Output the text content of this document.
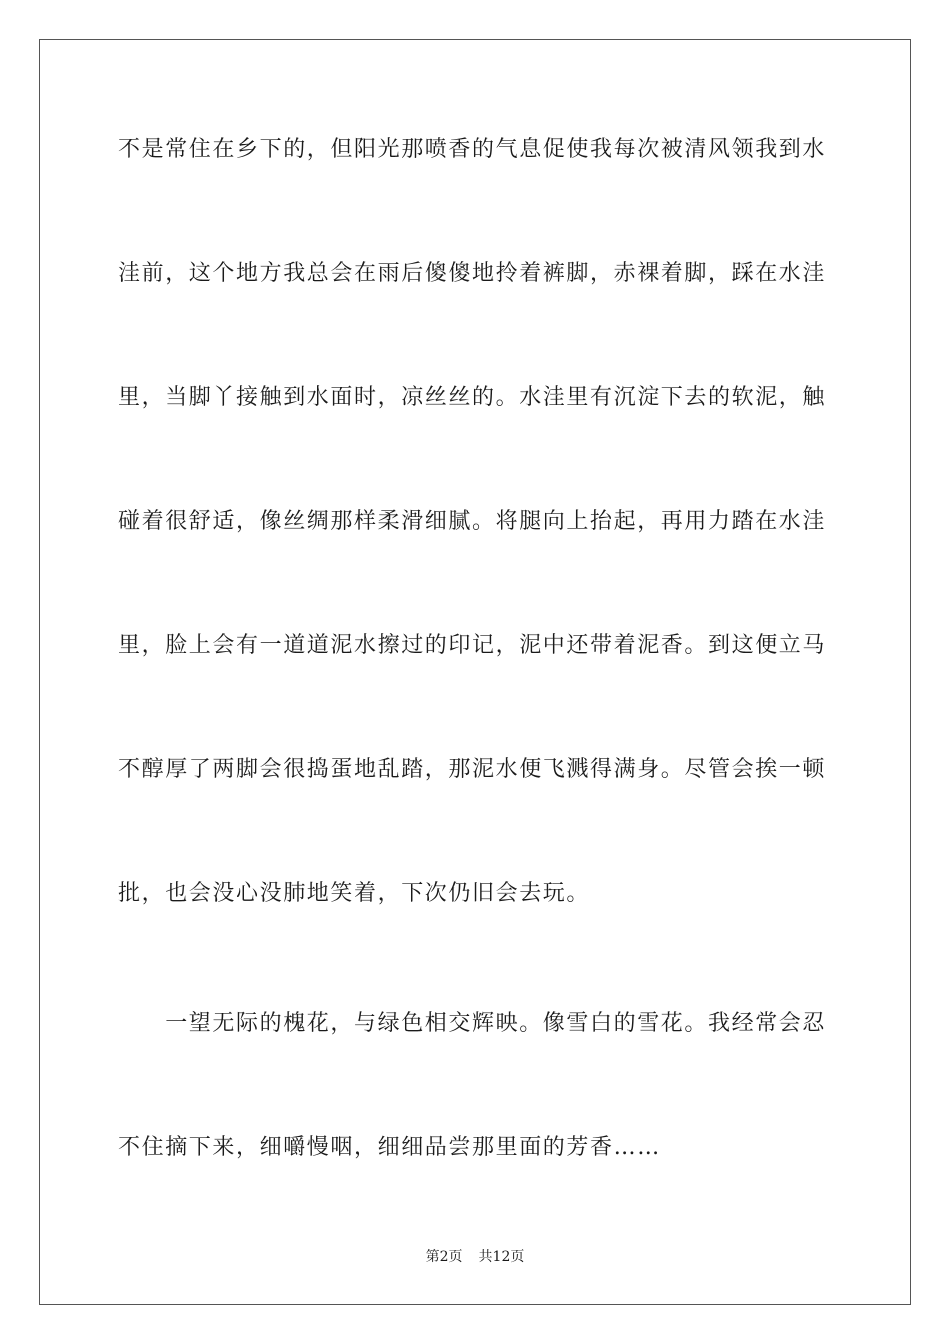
不是常住在乡下的，但阳光那喷香的气息促使我每次被清风领我到水
洼前，这个地方我总会在雨后傻傻地拎着裤脚，赤裸着脚，踩在水洼
里，当脚丫接触到水面时，凉丝丝的。水洼里有沉淀下去的软泥，触
碰着很舒适，像丝绸那样柔滑细腻。将腿向上抬起，再用力踏在水洼
里，脸上会有一道道泥水擦过的印记，泥中还带着泥香。到这便立马
不醇厚了两脚会很捣蛋地乱踏，那泥水便飞溅得满身。尽管会挨一顿
批，也会没心没肺地笑着，下次仍旧会去玩。
　　一望无际的槐花，与绿色相交辉映。像雪白的雪花。我经常会忍
不住摘下来，细嚼慢咽，细细品尝那里面的芳香……
第2页 共12页
